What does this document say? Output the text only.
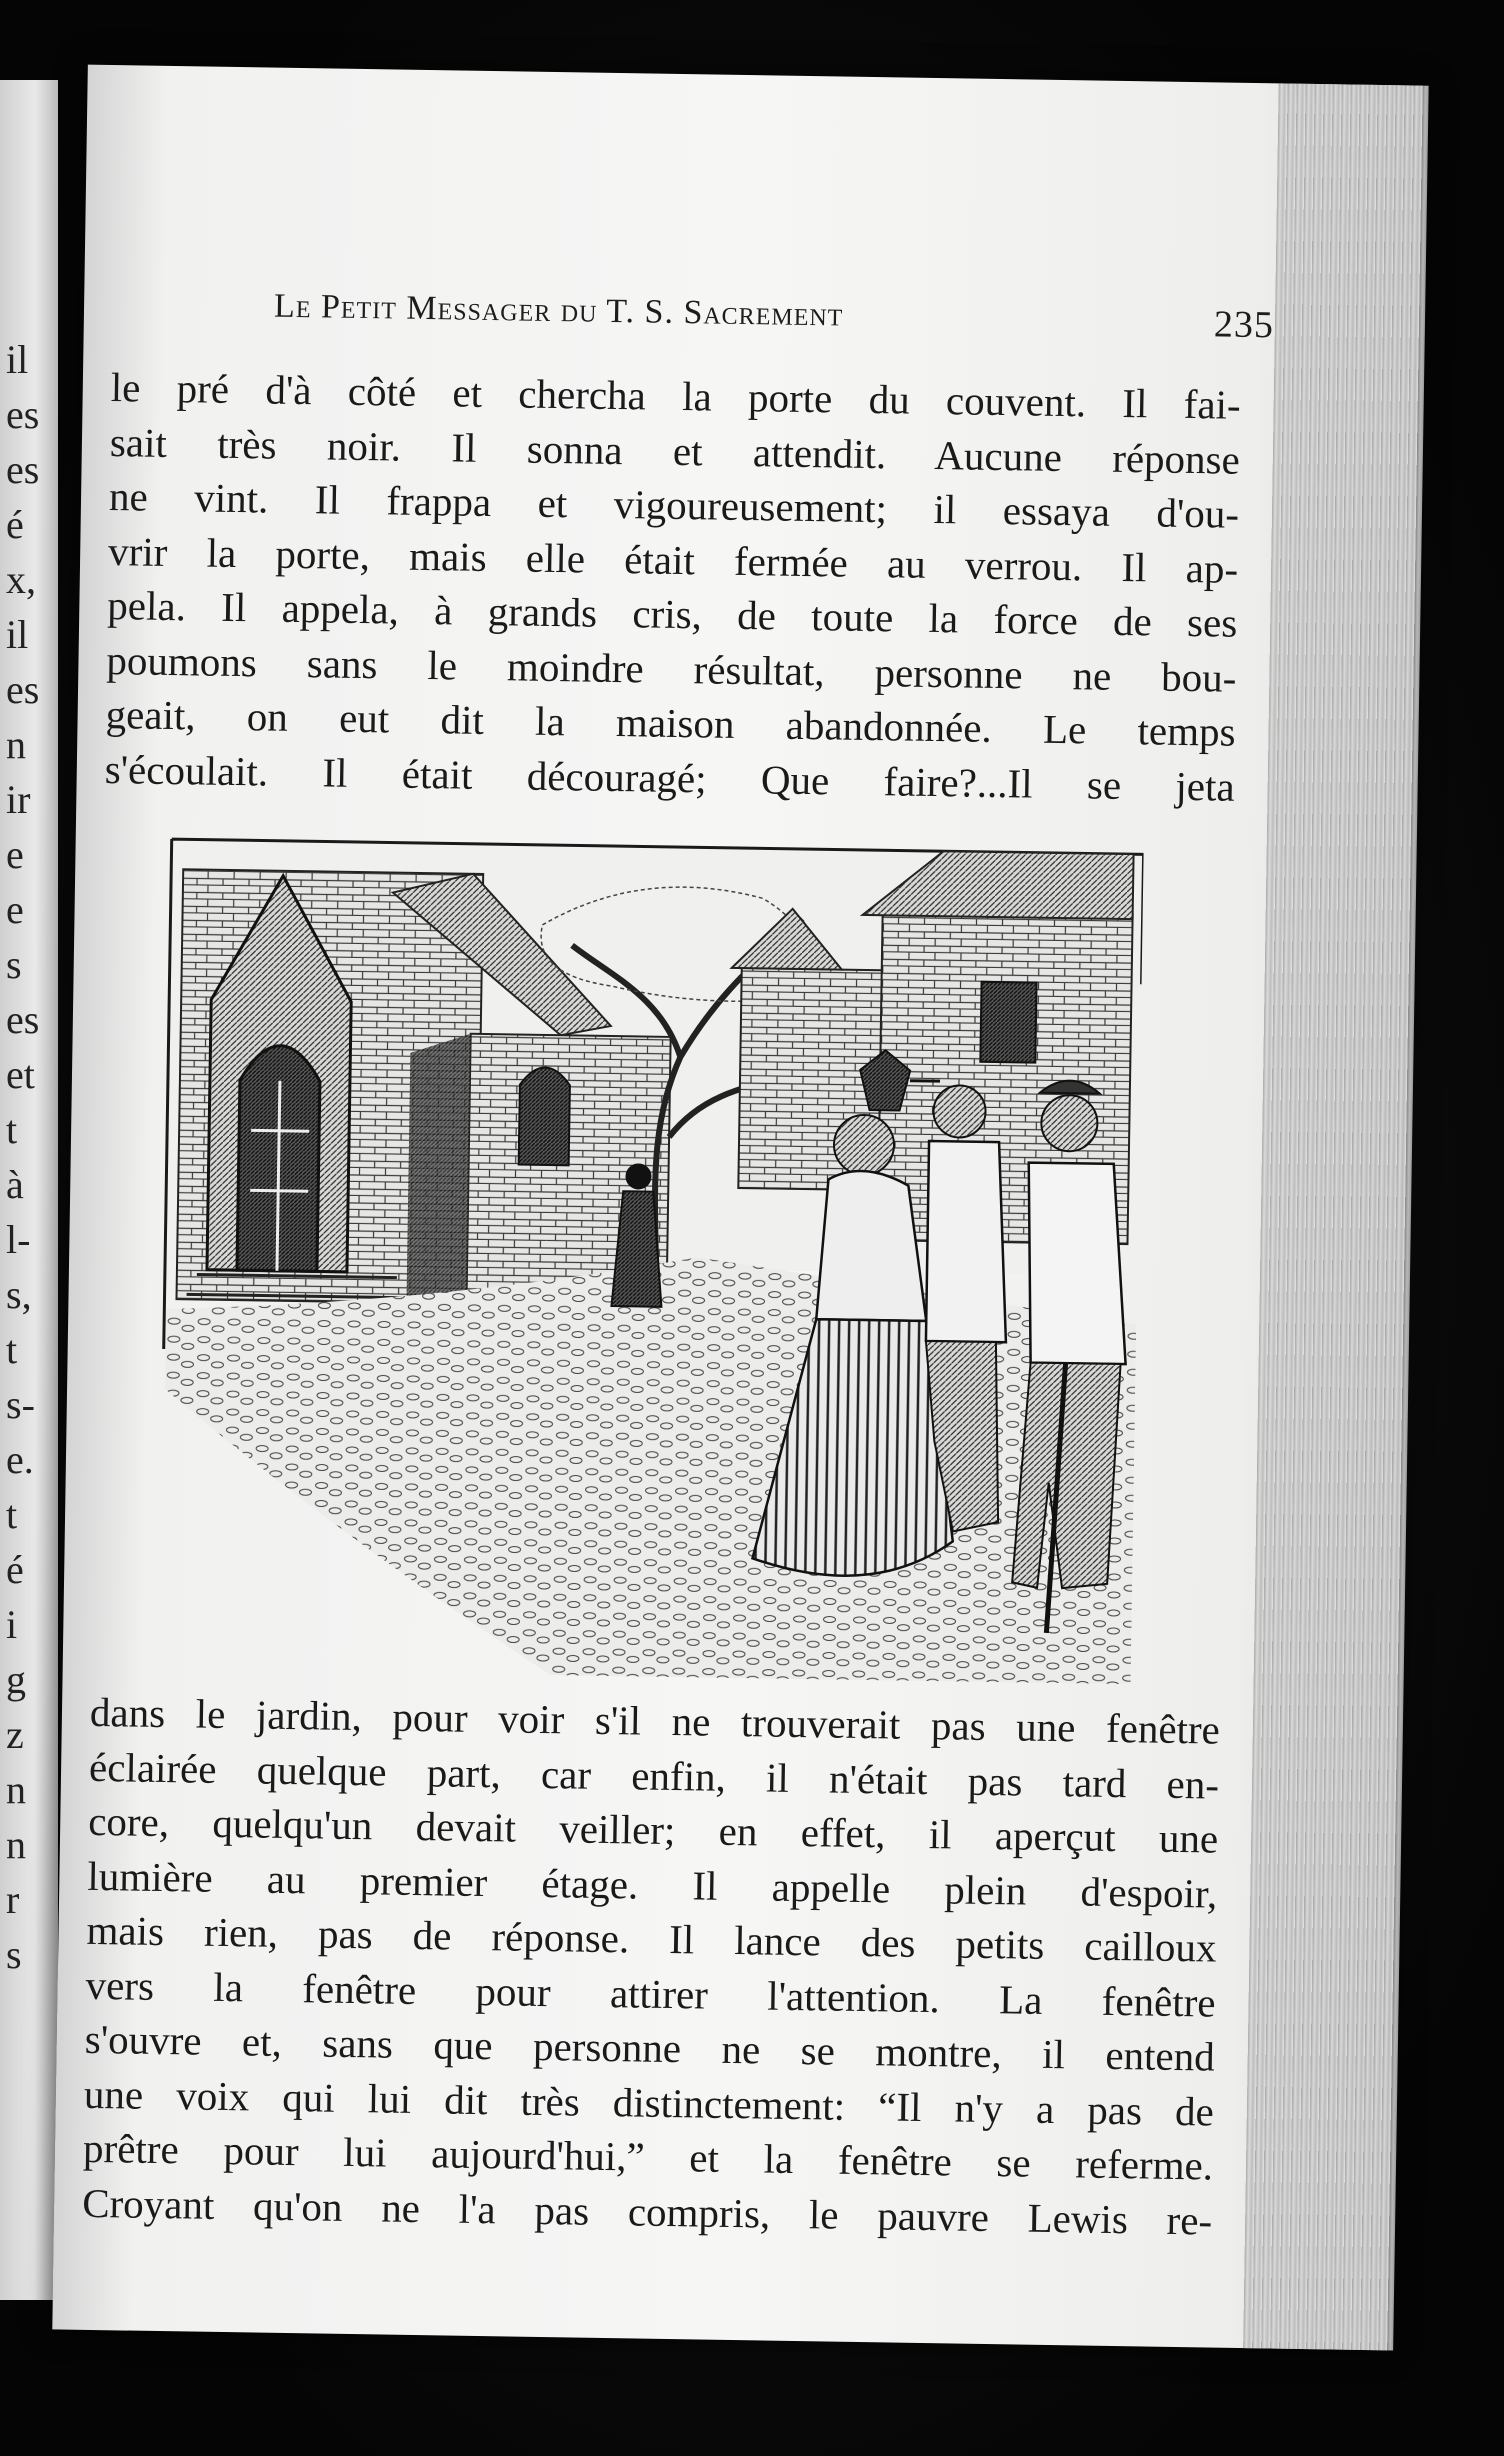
il
es
es
é
x,
il
es
n
ir
e
e
s
es
et
t
à
l-
s,
t
s-
e.
t
é
i
g
z
n
n
r
s
Le Petit Messager du T. S. Sacrement	235
le pré d'à côté et chercha la porte du couvent. Il fai-
sait très noir. Il sonna et attendit. Aucune réponse
ne vint. Il frappa et vigoureusement; il essaya d'ou-
vrir la porte, mais elle était fermée au verrou. Il ap-
pela. Il appela, à grands cris, de toute la force de ses
poumons sans le moindre résultat, personne ne bou-
geait, on eut dit la maison abandonnée. Le temps
s'écoulait. Il était découragé; Que faire?...Il se jeta
dans le jardin, pour voir s'il ne trouverait pas une fenêtre
éclairée quelque part, car enfin, il n'était pas tard en-
core, quelqu'un devait veiller; en effet, il aperçut une
lumière au premier étage. Il appelle plein d'espoir,
mais rien, pas de réponse. Il lance des petits cailloux
vers la fenêtre pour attirer l'attention. La fenêtre
s'ouvre et, sans que personne ne se montre, il entend
une voix qui lui dit très distinctement: “Il n'y a pas de
prêtre pour lui aujourd'hui,” et la fenêtre se referme.
Croyant qu'on ne l'a pas compris, le pauvre Lewis re-
